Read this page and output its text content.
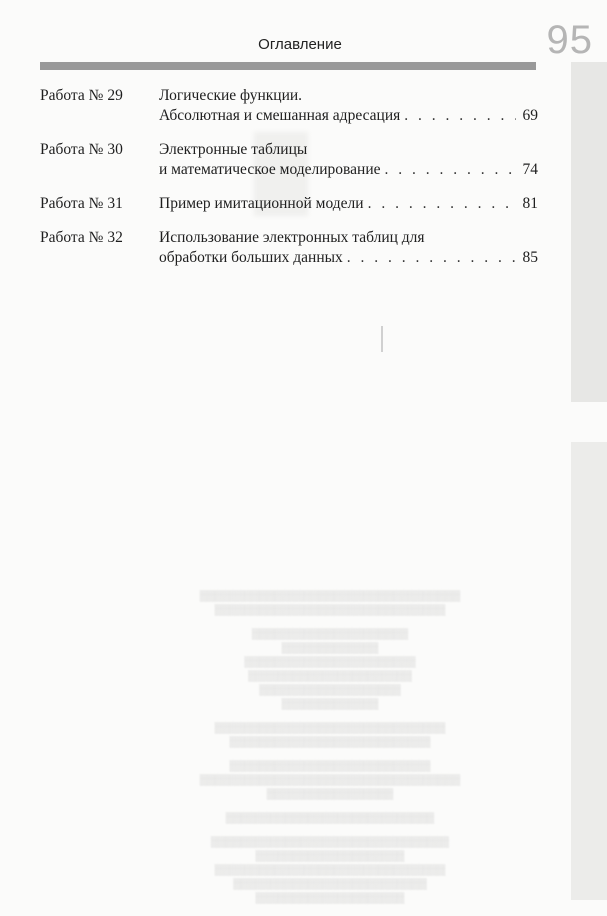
Оглавление	95
Работа № 29	Логические функции.
Абсолютная и смешанная адресация . . .	69
Работа № 30	Электронные таблицы
и математическое моделирование . . .	74
Работа № 31	Пример имитационной модели . . .	81
Работа № 32	Использование электронных таблиц для
обработки больших данных . . .	85
▒▒▒▒▒▒▒▒▒▒▒▒▒▒▒▒▒▒▒▒▒▒▒▒▒▒▒▒▒▒▒▒▒▒▒
▒▒▒▒▒▒▒▒▒▒▒▒▒▒▒▒▒▒▒▒▒▒▒▒▒▒▒▒▒▒▒
▒▒▒▒▒▒▒▒▒▒▒▒▒▒▒▒▒▒▒▒▒
▒▒▒▒▒▒▒▒▒▒▒▒▒
▒▒▒▒▒▒▒▒▒▒▒▒▒▒▒▒▒▒▒▒▒▒▒
▒▒▒▒▒▒▒▒▒▒▒▒▒▒▒▒▒▒▒▒▒▒
▒▒▒▒▒▒▒▒▒▒▒▒▒▒▒▒▒▒▒
▒▒▒▒▒▒▒▒▒▒▒▒▒
▒▒▒▒▒▒▒▒▒▒▒▒▒▒▒▒▒▒▒▒▒▒▒▒▒▒▒▒▒▒▒
▒▒▒▒▒▒▒▒▒▒▒▒▒▒▒▒▒▒▒▒▒▒▒▒▒▒▒
▒▒▒▒▒▒▒▒▒▒▒▒▒▒▒▒▒▒▒▒▒▒▒▒▒▒▒
▒▒▒▒▒▒▒▒▒▒▒▒▒▒▒▒▒▒▒▒▒▒▒▒▒▒▒▒▒▒▒▒▒▒▒
▒▒▒▒▒▒▒▒▒▒▒▒▒▒▒▒▒
▒▒▒▒▒▒▒▒▒▒▒▒▒▒▒▒▒▒▒▒▒▒▒▒▒▒▒▒
▒▒▒▒▒▒▒▒▒▒▒▒▒▒▒▒▒▒▒▒▒▒▒▒▒▒▒▒▒▒▒▒
▒▒▒▒▒▒▒▒▒▒▒▒▒▒▒▒▒▒▒▒
▒▒▒▒▒▒▒▒▒▒▒▒▒▒▒▒▒▒▒▒▒▒▒▒▒▒▒▒▒▒▒
▒▒▒▒▒▒▒▒▒▒▒▒▒▒▒▒▒▒▒▒▒▒▒▒▒▒
▒▒▒▒▒▒▒▒▒▒▒▒▒▒▒▒▒▒▒▒
